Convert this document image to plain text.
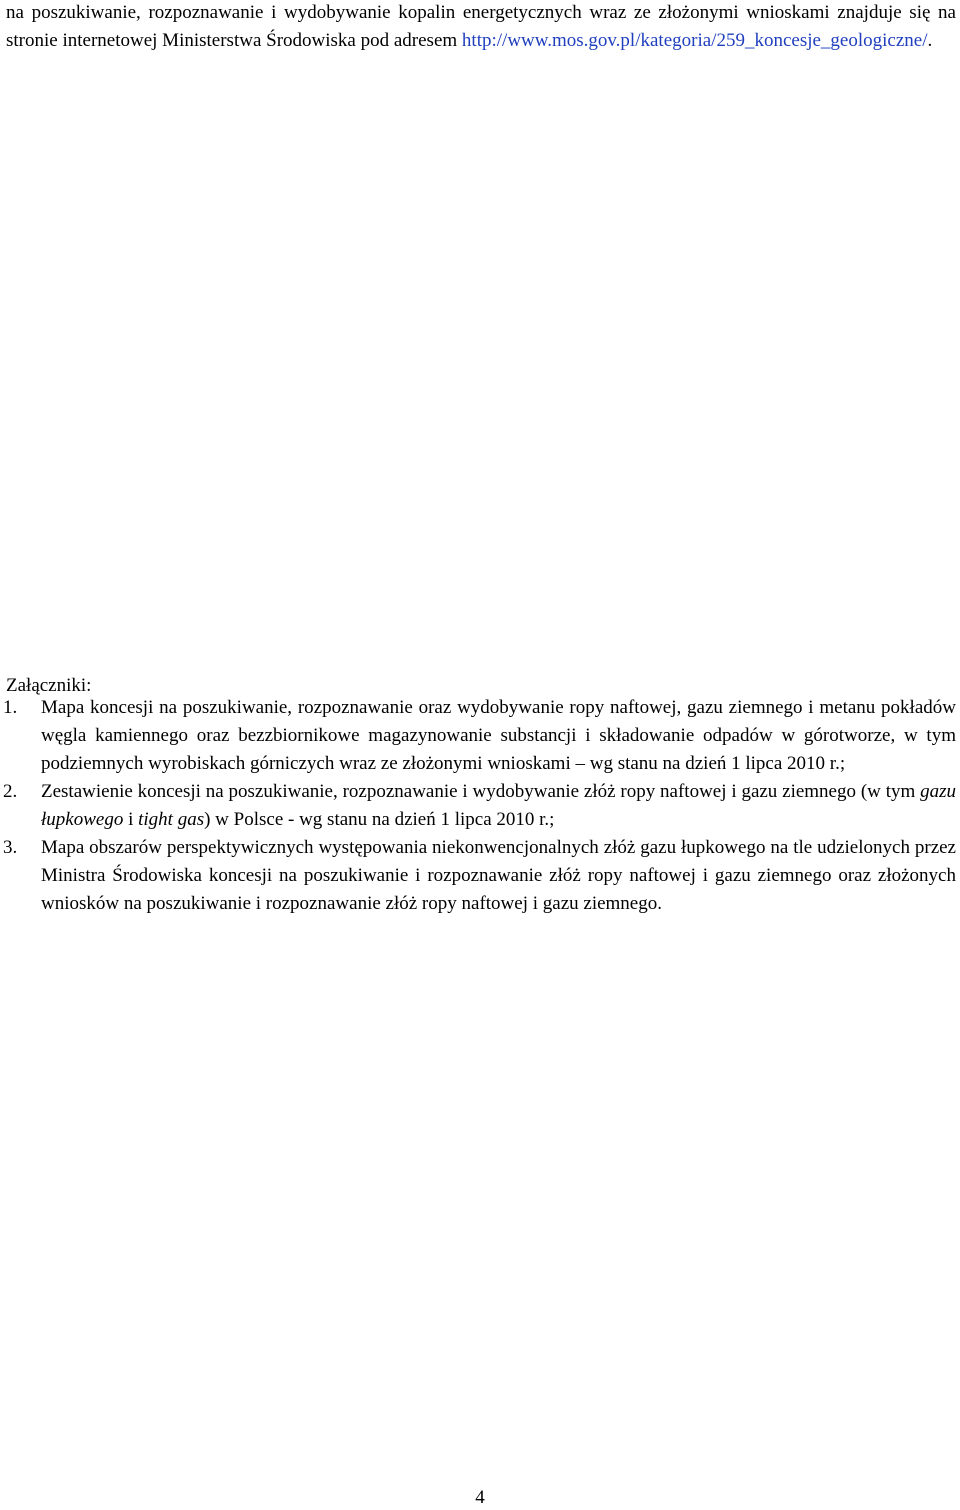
na poszukiwanie, rozpoznawanie i wydobywanie kopalin energetycznych wraz ze złożonymi wnioskami znajduje się na stronie internetowej Ministerstwa Środowiska pod adresem http://www.mos.gov.pl/kategoria/259_koncesje_geologiczne/.

Załączniki:
1. Mapa koncesji na poszukiwanie, rozpoznawanie oraz wydobywanie ropy naftowej, gazu ziemnego i metanu pokładów węgla kamiennego oraz bezzbiornikowe magazynowanie substancji i składowanie odpadów w górotworze, w tym podziemnych wyrobiskach górniczych wraz ze złożonymi wnioskami – wg stanu na dzień 1 lipca 2010 r.;
2. Zestawienie koncesji na poszukiwanie, rozpoznawanie i wydobywanie złóż ropy naftowej i gazu ziemnego (w tym gazu łupkowego i tight gas) w Polsce - wg stanu na dzień 1 lipca 2010 r.;
3. Mapa obszarów perspektywicznych występowania niekonwencjonalnych złóż gazu łupkowego na tle udzielonych przez Ministra Środowiska koncesji na poszukiwanie i rozpoznawanie złóż ropy naftowej i gazu ziemnego oraz złożonych wniosków na poszukiwanie i rozpoznawanie złóż ropy naftowej i gazu ziemnego.
4
